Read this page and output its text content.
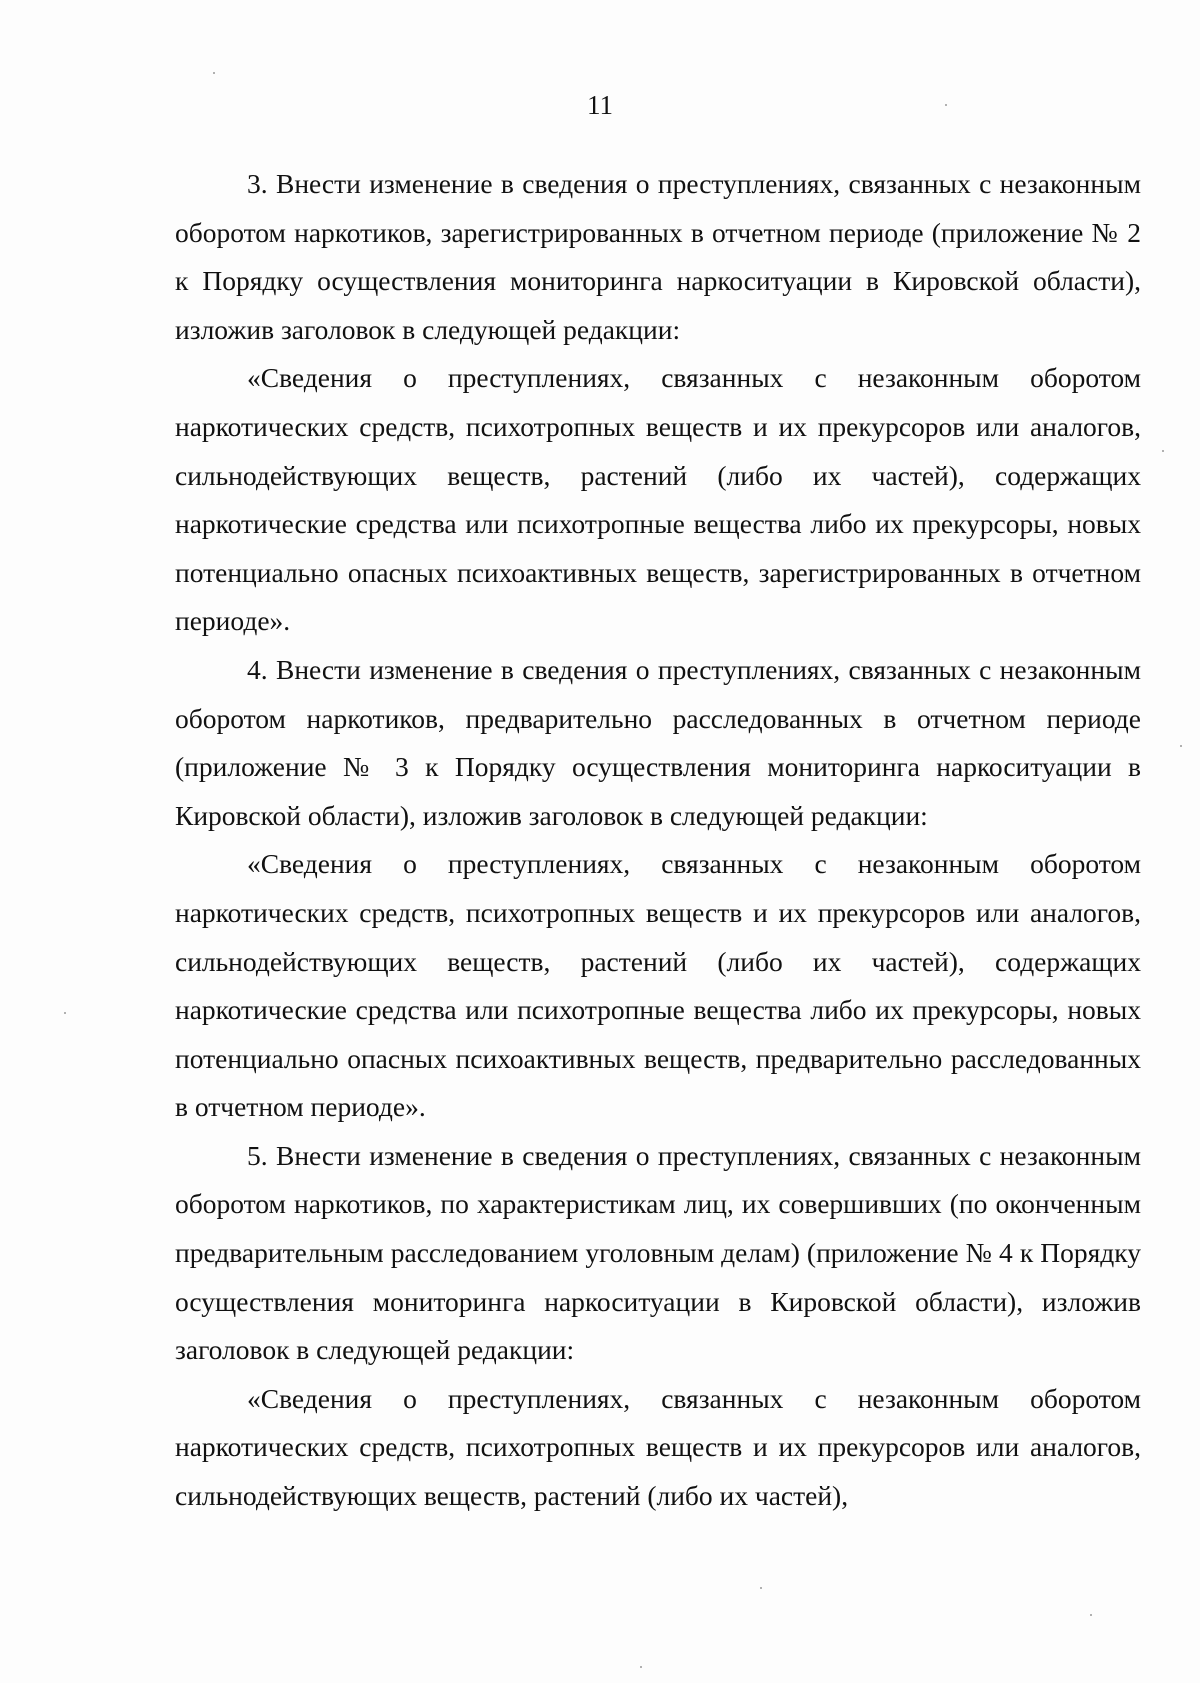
11

3. Внести изменение в сведения о преступлениях, связанных с незаконным оборотом наркотиков, зарегистрированных в отчетном периоде (приложение № 2 к Порядку осуществления мониторинга наркоситуации в Кировской области), изложив заголовок в следующей редакции:

«Сведения о преступлениях, связанных с незаконным оборотом наркотических средств, психотропных веществ и их прекурсоров или аналогов, сильнодействующих веществ, растений (либо их частей), содержащих наркотические средства или психотропные вещества либо их прекурсоры, новых потенциально опасных психоактивных веществ, зарегистрированных в отчетном периоде».

4. Внести изменение в сведения о преступлениях, связанных с незаконным оборотом наркотиков, предварительно расследованных в отчетном периоде (приложение № 3 к Порядку осуществления мониторинга наркоситуации в Кировской области), изложив заголовок в следующей редакции:

«Сведения о преступлениях, связанных с незаконным оборотом наркотических средств, психотропных веществ и их прекурсоров или аналогов, сильнодействующих веществ, растений (либо их частей), содержащих наркотические средства или психотропные вещества либо их прекурсоры, новых потенциально опасных психоактивных веществ, предварительно расследованных в отчетном периоде».

5. Внести изменение в сведения о преступлениях, связанных с незаконным оборотом наркотиков, по характеристикам лиц, их совершивших (по оконченным предварительным расследованием уголовным делам) (приложение № 4 к Порядку осуществления мониторинга наркоситуации в Кировской области), изложив заголовок в следующей редакции:

«Сведения о преступлениях, связанных с незаконным оборотом наркотических средств, психотропных веществ и их прекурсоров или аналогов, сильнодействующих веществ, растений (либо их частей),
